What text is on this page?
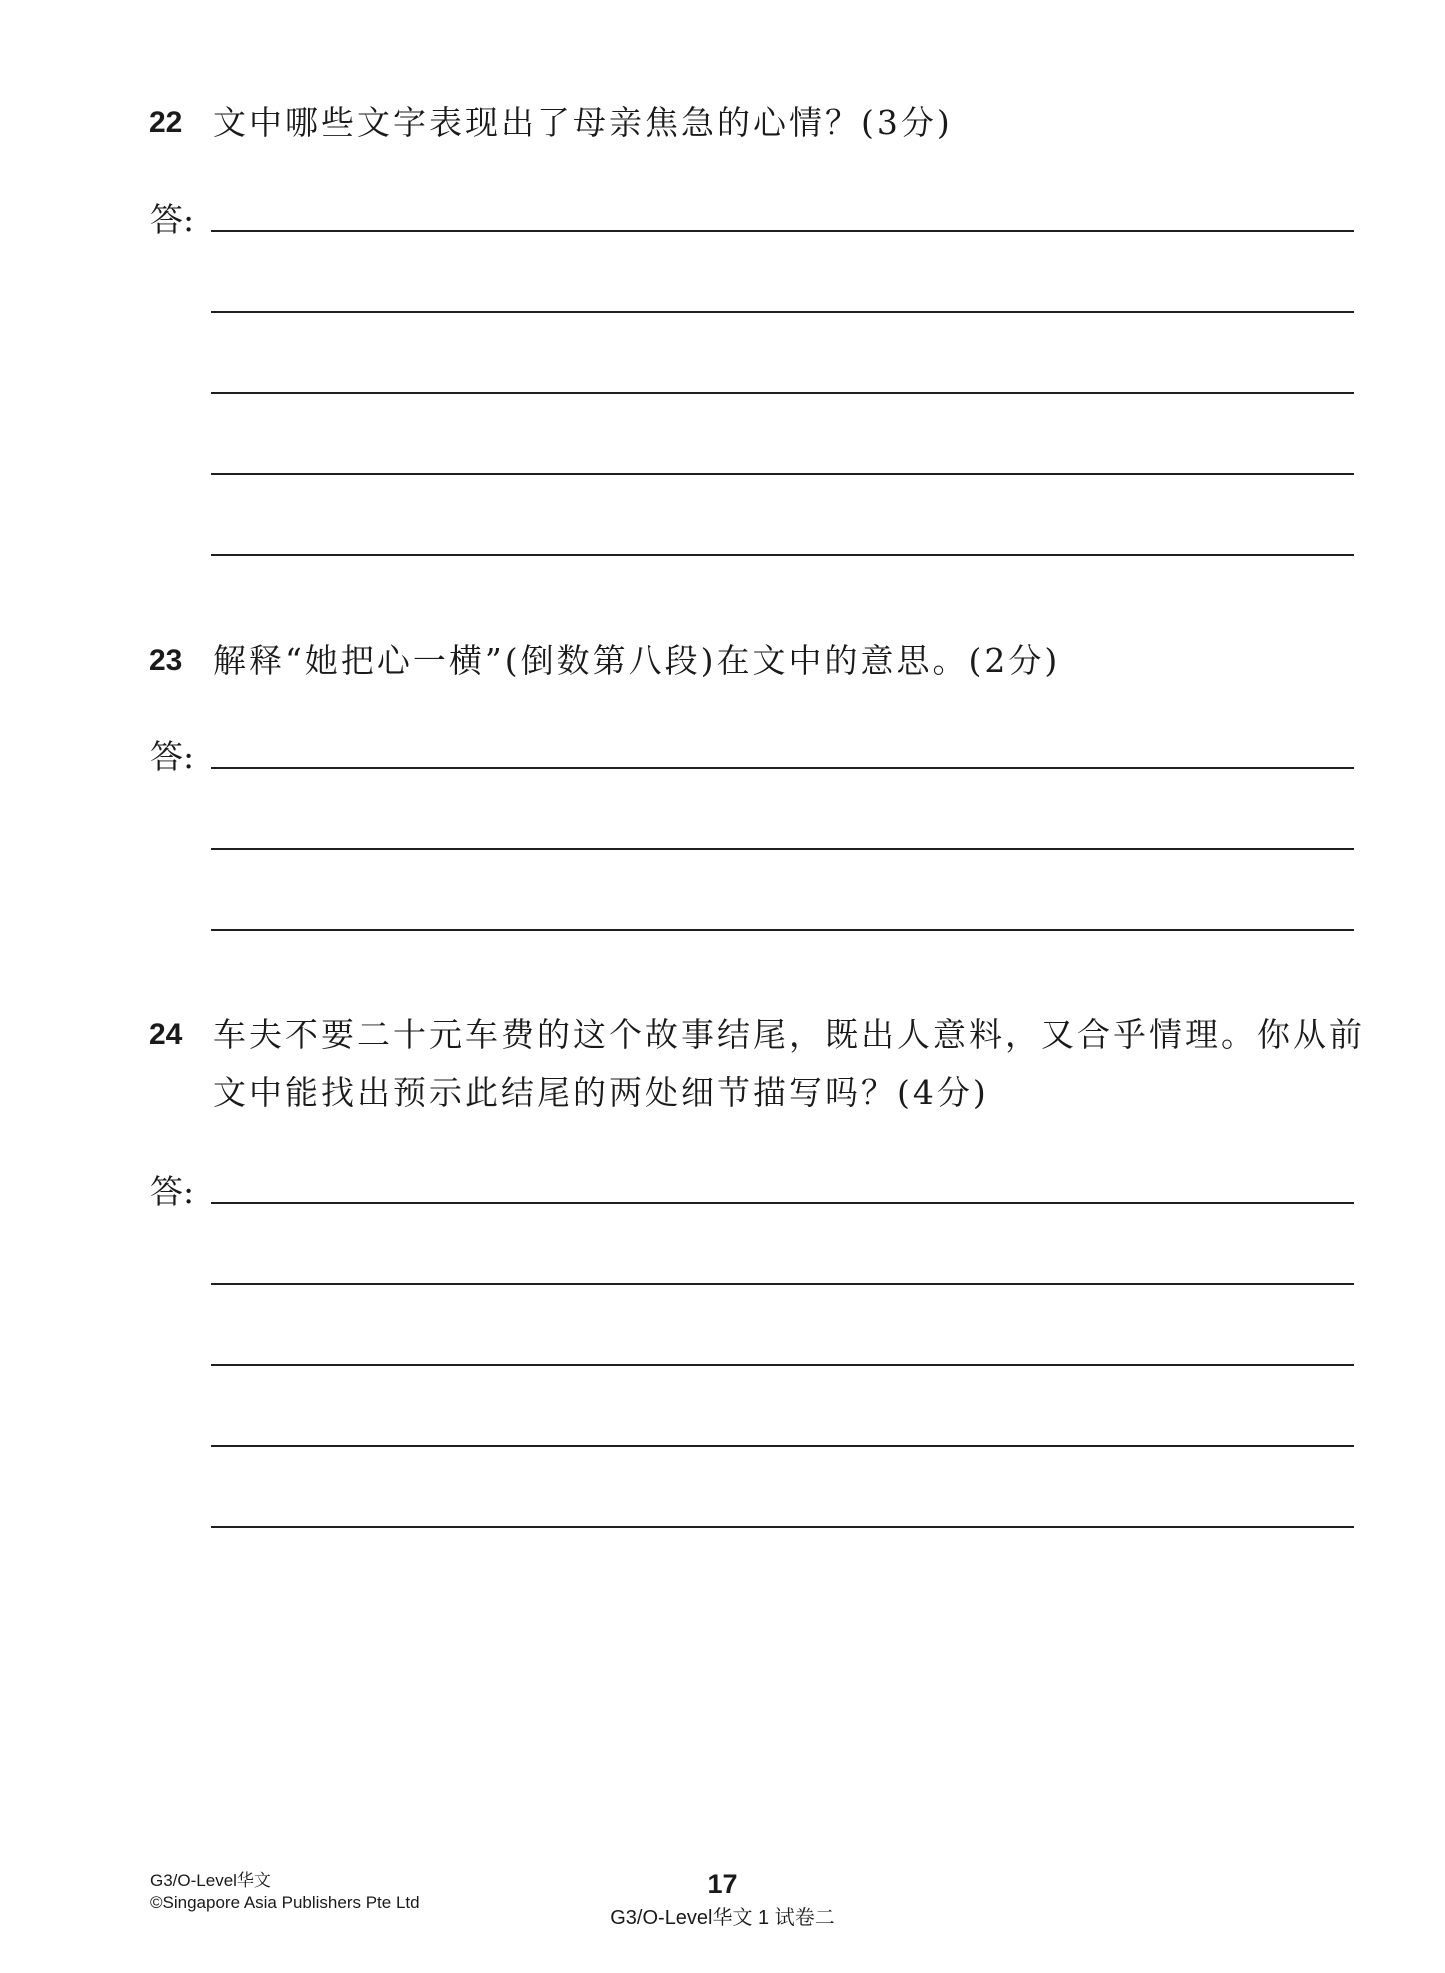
22 文中哪些文字表现出了母亲焦急的心情？(3分)
答:
23 解释“她把心一横”(倒数第八段)在文中的意思。(2分)
答:
24 车夫不要二十元车费的这个故事结尾，既出人意料，又合乎情理。你从前
文中能找出预示此结尾的两处细节描写吗？(4分)
答:
G3/O-Level华文
©Singapore Asia Publishers Pte Ltd
17
G3/O-Level华文 1 试卷二
